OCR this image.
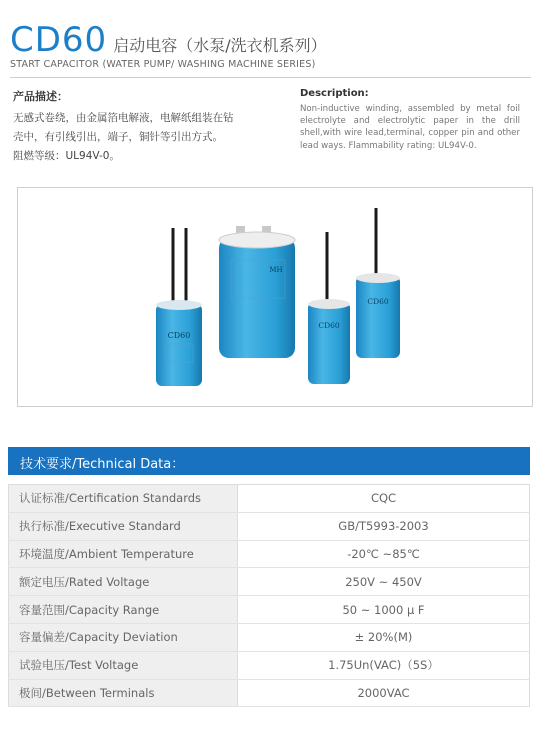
CD60 启动电容（水泵/洗衣机系列）
START CAPACITOR (WATER PUMP/ WASHING MACHINE SERIES)
产品描述：
无感式卷绕，由金属箔电解液，电解纸组装在钻
壳中，有引线引出，端子，铜针等引出方式。
阻燃等级：UL94V-0。
Description:
Non-inductive winding, assembled by metal foil electrolyte and electrolytic paper in the drill shell,with wire lead,terminal, copper pin and other lead ways. Flammability rating: UL94V-0.
CD60
MH
CD60
CD60
技术要求/Technical Data：
认证标准/Certification Standards	CQC
执行标准/Executive Standard	GB/T5993-2003
环境温度/Ambient Temperature	-20℃ ~85℃
额定电压/Rated Voltage	250V ~ 450V
容量范围/Capacity Range	50 ~ 1000 μ F
容量偏差/Capacity Deviation	± 20%(M)
试验电压/Test Voltage	1.75Un(VAC)（5S）
极间/Between Terminals	2000VAC
